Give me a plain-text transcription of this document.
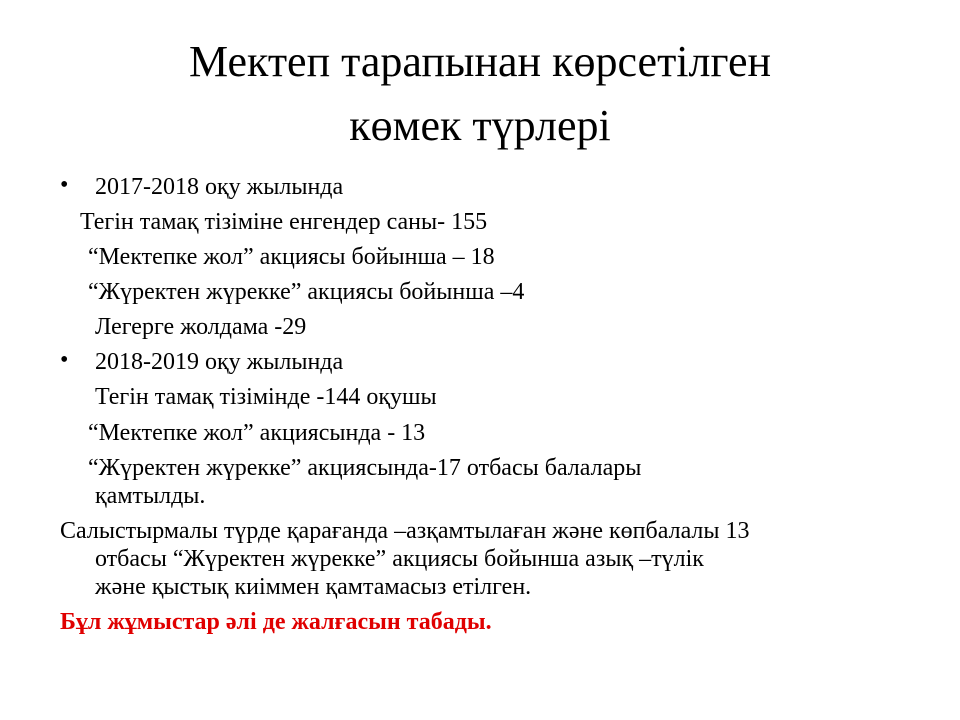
Мектеп тарапынан көрсетілген
көмек түрлері
• 2017-2018 оқу жылында

Тегін тамақ тізіміне енгендер саны- 155

“Мектепке жол” акциясы бойынша – 18

“Жүректен жүрекке” акциясы бойынша –4

Легерге жолдама -29

• 2018-2019 оқу жылында

Тегін тамақ тізімінде -144 оқушы

“Мектепке жол” акциясында - 13

“Жүректен жүрекке” акциясында-17 отбасы балалары

қамтылды.

Салыстырмалы түрде қарағанда –азқамтылаған және көпбалалы 13

отбасы “Жүректен жүрекке” акциясы бойынша азық –түлік

және қыстық киіммен қамтамасыз етілген.

Бұл жұмыстар әлі де жалғасын табады.
